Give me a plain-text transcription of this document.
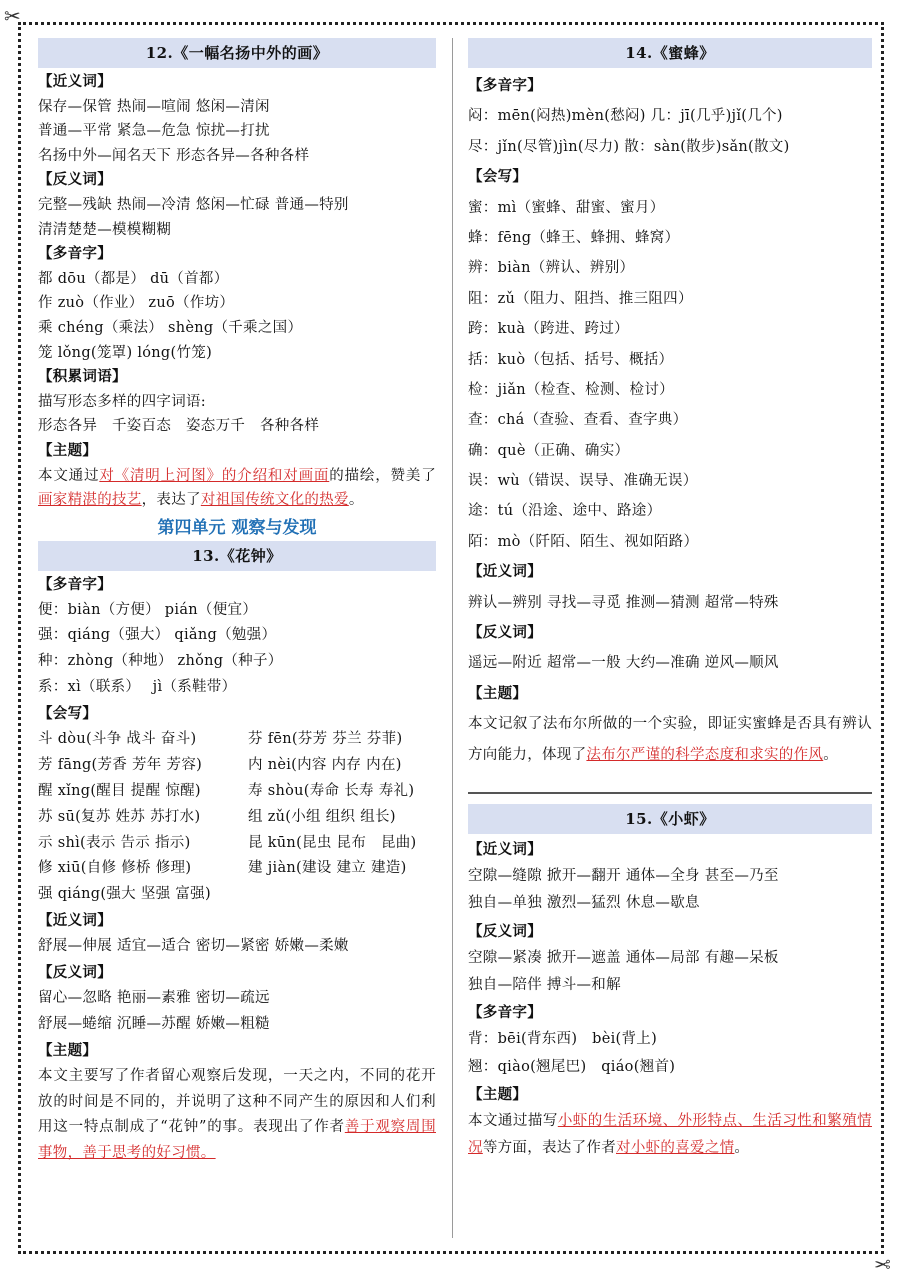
✂
✂
12.《一幅名扬中外的画》
【近义词】
保存—保管 热闹—喧闹 悠闲—清闲
普通—平常 紧急—危急 惊扰—打扰
名扬中外—闻名天下 形态各异—各种各样
【反义词】
完整—残缺 热闹—冷清 悠闲—忙碌 普通—特别
清清楚楚—模模糊糊
【多音字】
都 dōu（都是） dū（首都）
作 zuò（作业） zuō（作坊）
乘 chéng（乘法） shèng（千乘之国）
笼 lǒng(笼罩) lóng(竹笼)
【积累词语】
描写形态多样的四字词语:
形态各异　千姿百态　姿态万千　各种各样
【主题】
本文通过对《清明上河图》的介绍和对画面的描绘，赞美了画家精湛的技艺，表达了对祖国传统文化的热爱。
第四单元 观察与发现
13.《花钟》
【多音字】
便：biàn（方便） pián（便宜）
强：qiáng（强大） qiǎng（勉强）
种：zhòng（种地） zhǒng（种子）
系：xì（联系）　 jì（系鞋带）
【会写】
斗 dòu(斗争 战斗 奋斗)
芳 fāng(芳香 芳年 芳容)
醒 xǐng(醒目 提醒 惊醒)
苏 sū(复苏 姓苏 苏打水)
示 shì(表示 告示 指示)
修 xiū(自修 修桥 修理)
强 qiáng(强大 坚强 富强)
芬 fēn(芬芳 芬兰 芬菲)
内 nèi(内容 内存 内在)
寿 shòu(寿命 长寿 寿礼)
组 zǔ(小组 组织 组长)
昆 kūn(昆虫 昆布　昆曲)
建 jiàn(建设 建立 建造)
【近义词】
舒展—伸展 适宜—适合 密切—紧密 娇嫩—柔嫩
【反义词】
留心—忽略 艳丽—素雅 密切—疏远
舒展—蜷缩 沉睡—苏醒 娇嫩—粗糙
【主题】
本文主要写了作者留心观察后发现，一天之内，不同的花开放的时间是不同的，并说明了这种不同产生的原因和人们利用这一特点制成了“花钟”的事。表现出了作者善于观察周围事物，善于思考的好习惯。
14.《蜜蜂》
【多音字】
闷：mēn(闷热)mèn(愁闷) 几：jī(几乎)jǐ(几个)
尽：jǐn(尽管)jìn(尽力) 散：sàn(散步)sǎn(散文)
【会写】
蜜：mì（蜜蜂、甜蜜、蜜月）
蜂：fēng（蜂王、蜂拥、蜂窝）
辨：biàn（辨认、辨别）
阻：zǔ（阻力、阻挡、推三阻四）
跨：kuà（跨进、跨过）
括：kuò（包括、括号、概括）
检：jiǎn（检查、检测、检讨）
查：chá（查验、查看、查字典）
确：què（正确、确实）
误：wù（错误、误导、准确无误）
途：tú（沿途、途中、路途）
陌：mò（阡陌、陌生、视如陌路）
【近义词】
辨认—辨别 寻找—寻觅 推测—猜测 超常—特殊
【反义词】
遥远—附近 超常—一般 大约—准确 逆风—顺风
【主题】
本文记叙了法布尔所做的一个实验，即证实蜜蜂是否具有辨认方向能力，体现了法布尔严谨的科学态度和求实的作风。
15.《小虾》
【近义词】
空隙—缝隙 掀开—翻开 通体—全身 甚至—乃至
独自—单独 激烈—猛烈 休息—歇息
【反义词】
空隙—紧凑 掀开—遮盖 通体—局部 有趣—呆板
独自—陪伴 搏斗—和解
【多音字】
背：bēi(背东西)　bèi(背上)
翘：qiào(翘尾巴)　qiáo(翘首)
【主题】
本文通过描写小虾的生活环境、外形特点、生活习性和繁殖情况等方面，表达了作者对小虾的喜爱之情。
